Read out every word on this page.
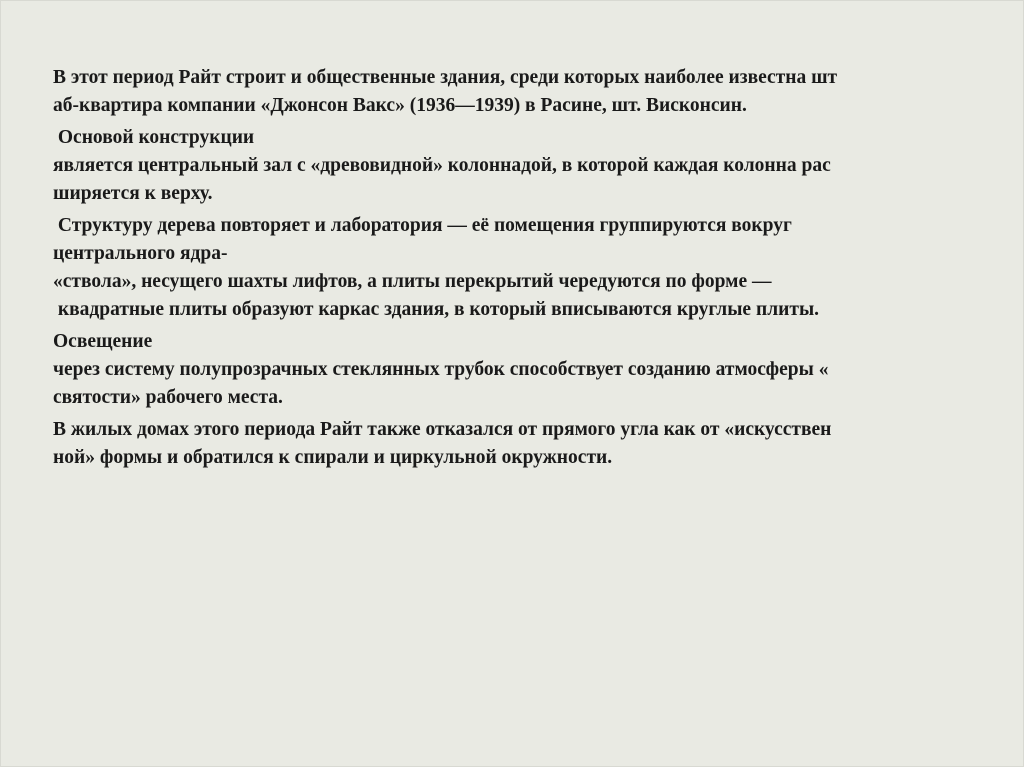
В этот период Райт строит и общественные здания, среди которых наиболее известна шт
аб-квартира компании «Джонсон Вакс» (1936—1939) в Расине, шт. Висконсин.

Основой конструкции
является центральный зал с «древовидной» колоннадой, в которой каждая колонна рас
ширяется к верху.

Структуру дерева повторяет и лаборатория — её помещения группируются вокруг
центрального ядра-
«ствола», несущего шахты лифтов, а плиты перекрытий чередуются по форме —
квадратные плиты образуют каркас здания, в который вписываются круглые плиты.

Освещение
через систему полупрозрачных стеклянных трубок способствует созданию атмосферы «
святости» рабочего места.

В жилых домах этого периода Райт также отказался от прямого угла как от «искусствен
ной» формы и обратился к спирали и циркульной окружности.
